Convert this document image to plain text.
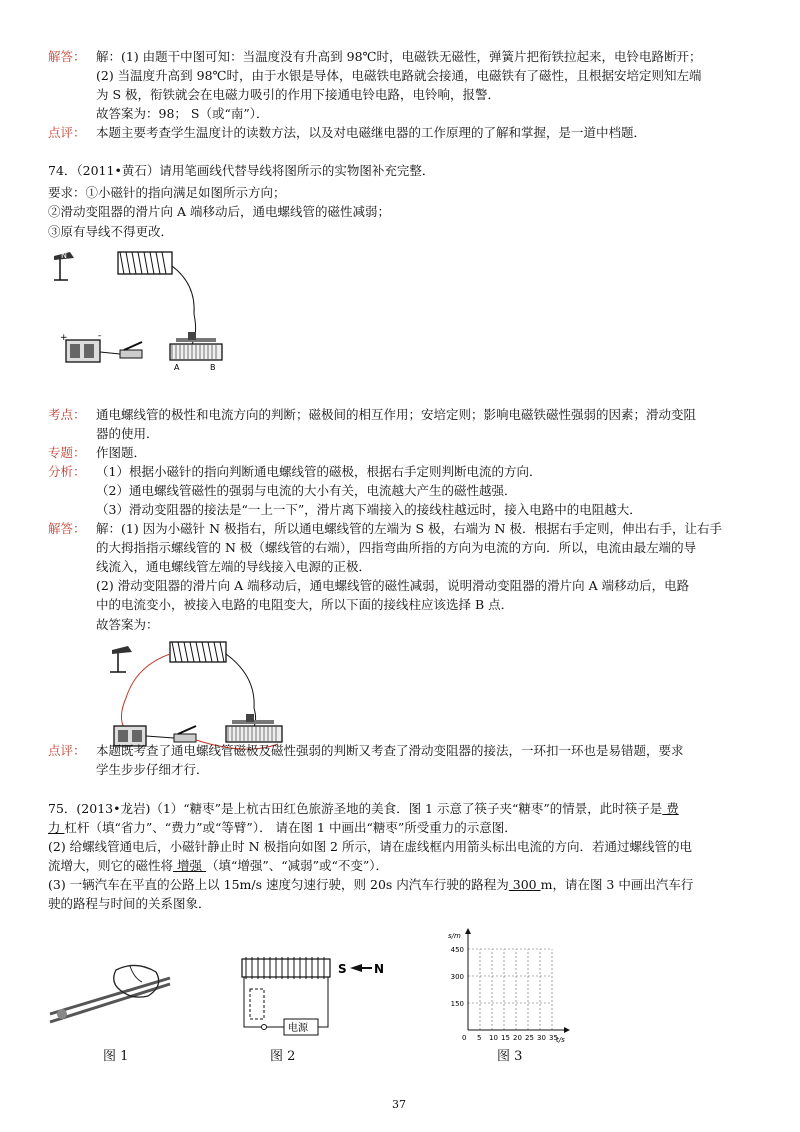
解答： 解：(1) 由题干中图可知：当温度没有升高到 98℃时，电磁铁无磁性，弹簧片把衔铁拉起来，电铃电路断开；
(2) 当温度升高到 98℃时，由于水银是导体，电磁铁电路就会接通，电磁铁有了磁性，且根据安培定则知左端
为 S 极，衔铁就会在电磁力吸引的作用下接通电铃电路，电铃响，报警．
故答案为：98； S（或“南”）．
点评： 本题主要考查学生温度计的读数方法，以及对电磁继电器的工作原理的了解和掌握，是一道中档题．
74．（2011•黄石）请用笔画线代替导线将图所示的实物图补充完整．
要求：①小磁针的指向满足如图所示方向；
②滑动变阻器的滑片向 A 端移动后，通电螺线管的磁性减弱；
③原有导线不得更改．
N
+	-
A	B
考点： 通电螺线管的极性和电流方向的判断；磁极间的相互作用；安培定则；影响电磁铁磁性强弱的因素；滑动变阻
器的使用．
专题： 作图题．
分析： （1）根据小磁针的指向判断通电螺线管的磁极，根据右手定则判断电流的方向．
（2）通电螺线管磁性的强弱与电流的大小有关，电流越大产生的磁性越强．
（3）滑动变阻器的接法是“一上一下”，滑片离下端接入的接线柱越远时，接入电路中的电阻越大．
解答： 解：(1) 因为小磁针 N 极指右，所以通电螺线管的左端为 S 极，右端为 N 极．根据右手定则，伸出右手，让右手
的大拇指指示螺线管的 N 极（螺线管的右端），四指弯曲所指的方向为电流的方向．所以，电流由最左端的导
线流入，通电螺线管左端的导线接入电源的正极．
(2) 滑动变阻器的滑片向 A 端移动后，通电螺线管的磁性减弱，说明滑动变阻器的滑片向 A 端移动后，电路
中的电流变小，被接入电路的电阻变大，所以下面的接线柱应该选择 B 点．
故答案为：
点评： 本题既考查了通电螺线管磁极及磁性强弱的判断又考查了滑动变阻器的接法，一环扣一环也是易错题，要求
学生步步仔细才行．
75．(2013•龙岩)（1）“糖枣”是上杭古田红色旅游圣地的美食．图 1 示意了筷子夹“糖枣”的情景，此时筷子是 费
力 杠杆（填“省力”、“费力”或“等臂”）． 请在图 1 中画出“糖枣”所受重力的示意图．
(2) 给螺线管通电后，小磁针静止时 N 极指向如图 2 所示，请在虚线框内用箭头标出电流的方向．若通过螺线管的电
流增大，则它的磁性将 增强 （填“增强”、“减弱”或“不变”）．
(3) 一辆汽车在平直的公路上以 15m/s 速度匀速行驶，则 20s 内汽车行驶的路程为 300 m，请在图 3 中画出汽车行
驶的路程与时间的关系图象．
图 1
S N
电源
图 2
s/m
t/s
450
300
150
0 5 10 15 20 25 30 35
图 3
37
